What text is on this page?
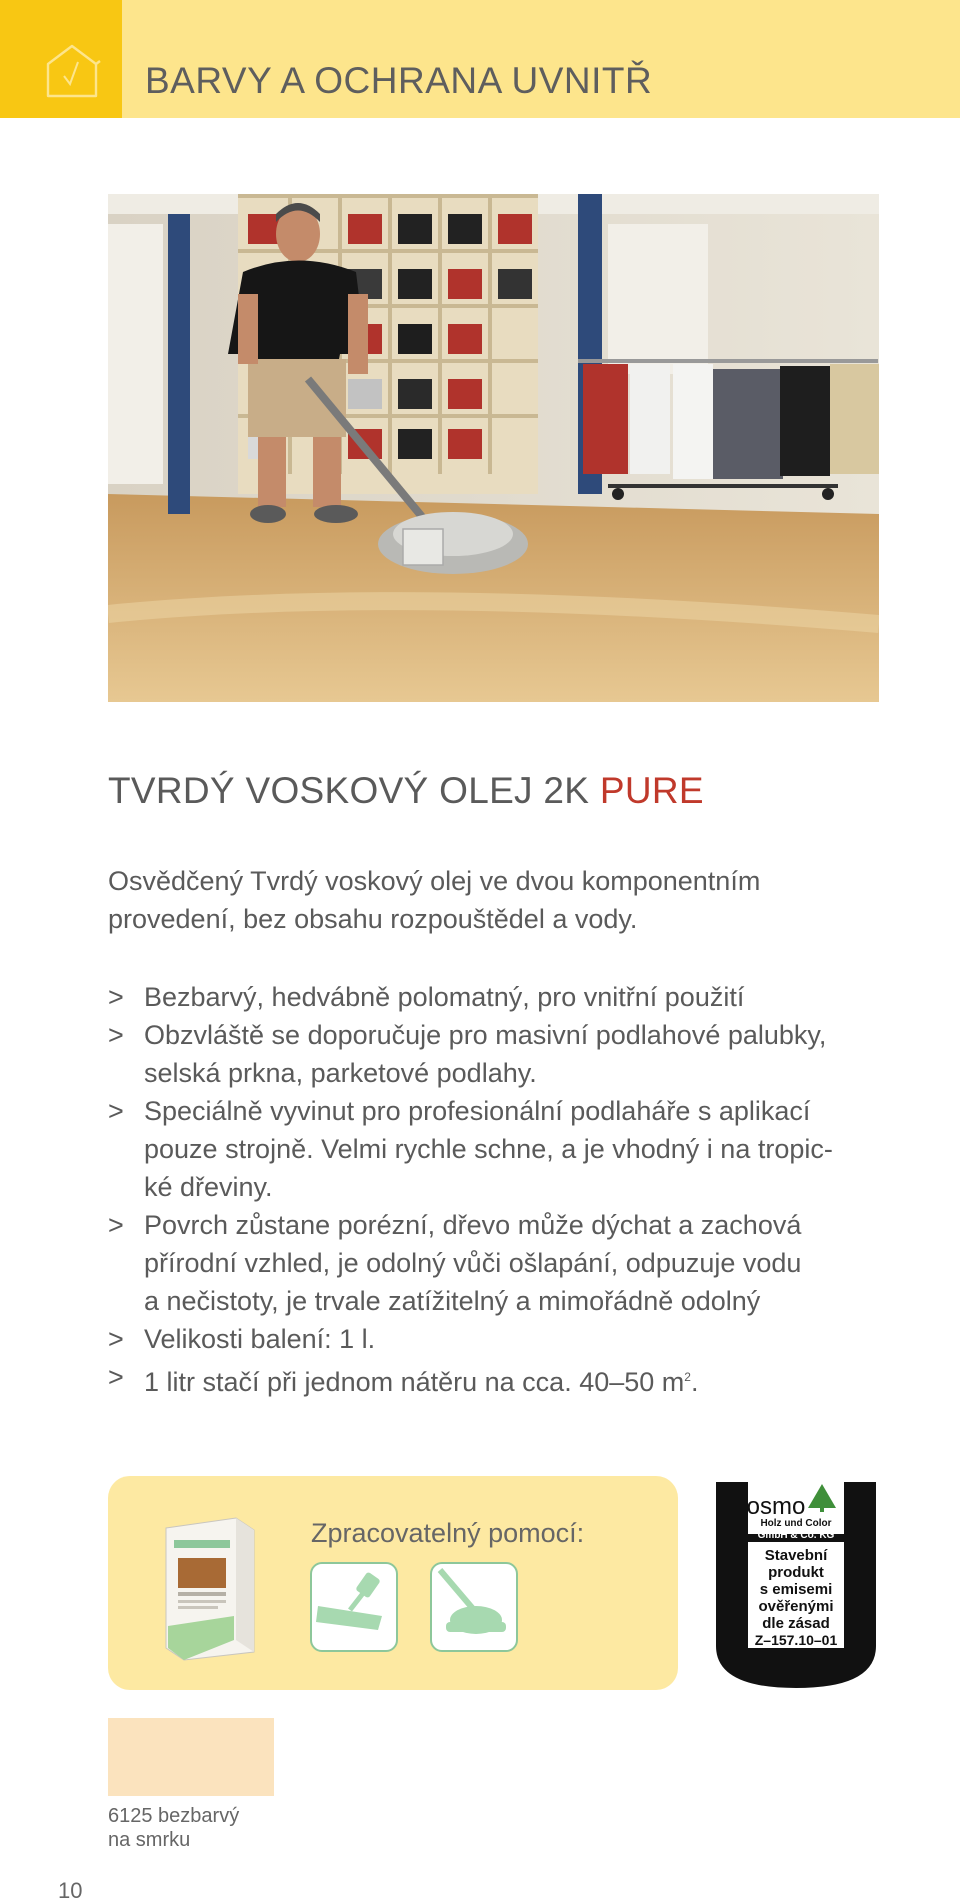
BARVY A OCHRANA UVNITŘ
TVRDÝ VOSKOVÝ OLEJ 2K PURE
Osvědčený Tvrdý voskový olej ve dvou komponentním
provedení, bez obsahu rozpouštědel a vody.
> Bezbarvý, hedvábně polomatný, pro vnitřní použití
> Obzvláště se doporučuje pro masivní podlahové palubky,
selská prkna, parketové podlahy.
> Speciálně vyvinut pro profesionální podlaháře s aplikací
pouze strojně. Velmi rychle schne, a je vhodný i na tropic-
ké dřeviny.
> Povrch zůstane porézní, dřevo může dýchat a zachová
přírodní vzhled, je odolný vůči ošlapání, odpuzuje vodu
a nečistoty, je trvale zatížitelný a mimořádně odolný
> Velikosti balení: 1 l.
> 1 litr stačí při jednom nátěru na cca. 40–50 $m^2$.
Zpracovatelný pomocí:
osmo
Holz und Color
GmbH & Co. KG
Stavební
produkt
s emisemi
ověřenými
dle zásad
Z–157.10–01
6125 bezbarvý
na smrku
10
